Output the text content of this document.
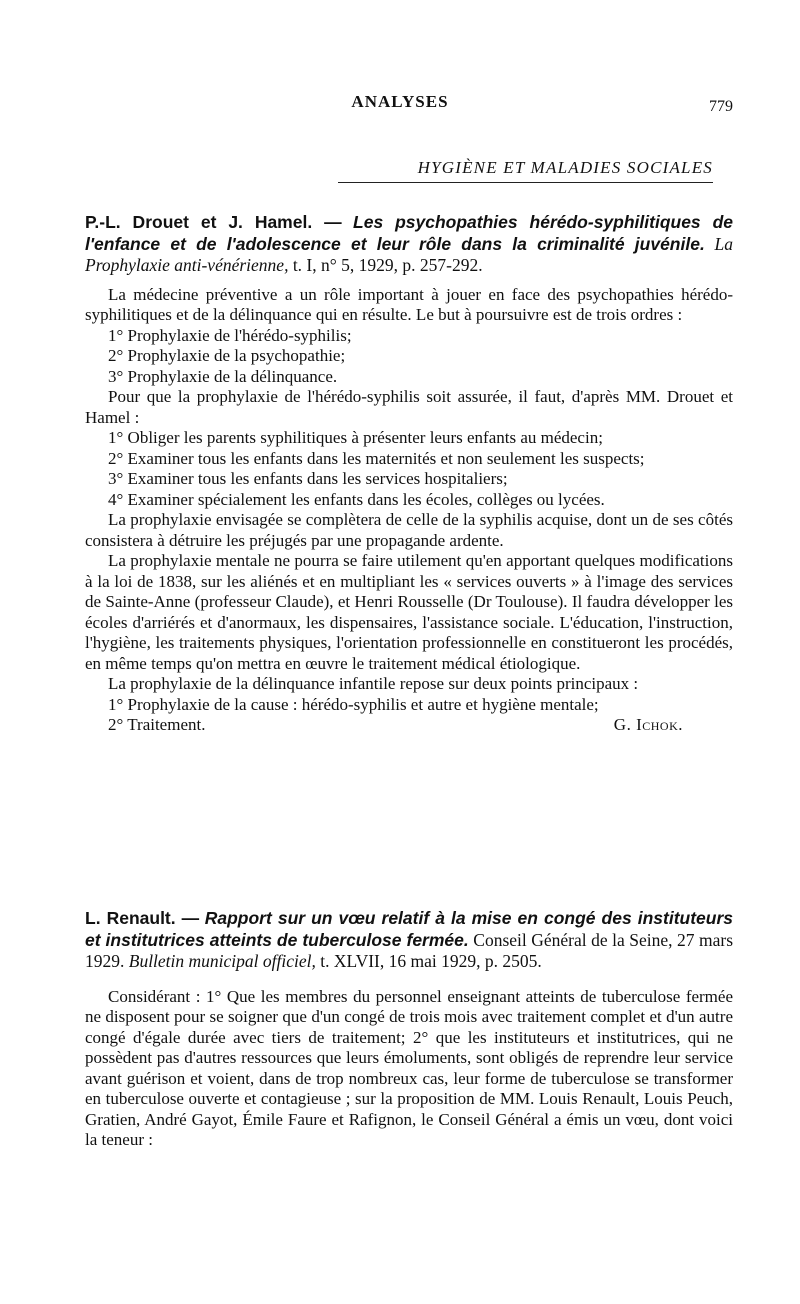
ANALYSES	779
HYGIÈNE ET MALADIES SOCIALES

P.-L. Drouet et J. Hamel. — Les psychopathies hérédo-syphilitiques de l'enfance et de l'adolescence et leur rôle dans la criminalité juvénile. La Prophylaxie anti-vénérienne, t. I, n° 5, 1929, p. 257-292.

La médecine préventive a un rôle important à jouer en face des psychopathies hérédo-syphilitiques et de la délinquance qui en résulte. Le but à poursuivre est de trois ordres :

1° Prophylaxie de l'hérédo-syphilis;

2° Prophylaxie de la psychopathie;

3° Prophylaxie de la délinquance.

Pour que la prophylaxie de l'hérédo-syphilis soit assurée, il faut, d'après MM. Drouet et Hamel :

1° Obliger les parents syphilitiques à présenter leurs enfants au médecin;

2° Examiner tous les enfants dans les maternités et non seulement les suspects;

3° Examiner tous les enfants dans les services hospitaliers;

4° Examiner spécialement les enfants dans les écoles, collèges ou lycées.

La prophylaxie envisagée se complètera de celle de la syphilis acquise, dont un de ses côtés consistera à détruire les préjugés par une propagande ardente.

La prophylaxie mentale ne pourra se faire utilement qu'en apportant quelques modifications à la loi de 1838, sur les aliénés et en multipliant les « services ouverts » à l'image des services de Sainte-Anne (professeur Claude), et Henri Rousselle (Dr Toulouse). Il faudra développer les écoles d'arriérés et d'anormaux, les dispensaires, l'assistance sociale. L'éducation, l'instruction, l'hygiène, les traitements physiques, l'orientation professionnelle en constitueront les procédés, en même temps qu'on mettra en œuvre le traitement médical étiologique.

La prophylaxie de la délinquance infantile repose sur deux points principaux :

1° Prophylaxie de la cause : hérédo-syphilis et autre et hygiène mentale;

2° Traitement.	G. Ichok.

L. Renault. — Rapport sur un vœu relatif à la mise en congé des instituteurs et institutrices atteints de tuberculose fermée. Conseil Général de la Seine, 27 mars 1929. Bulletin municipal officiel, t. XLVII, 16 mai 1929, p. 2505.

Considérant : 1° Que les membres du personnel enseignant atteints de tuberculose fermée ne disposent pour se soigner que d'un congé de trois mois avec traitement complet et d'un autre congé d'égale durée avec tiers de traitement; 2° que les instituteurs et institutrices, qui ne possèdent pas d'autres ressources que leurs émoluments, sont obligés de reprendre leur service avant guérison et voient, dans de trop nombreux cas, leur forme de tuberculose se transformer en tuberculose ouverte et contagieuse ; sur la proposition de MM. Louis Renault, Louis Peuch, Gratien, André Gayot, Émile Faure et Rafignon, le Conseil Général a émis un vœu, dont voici la teneur :
